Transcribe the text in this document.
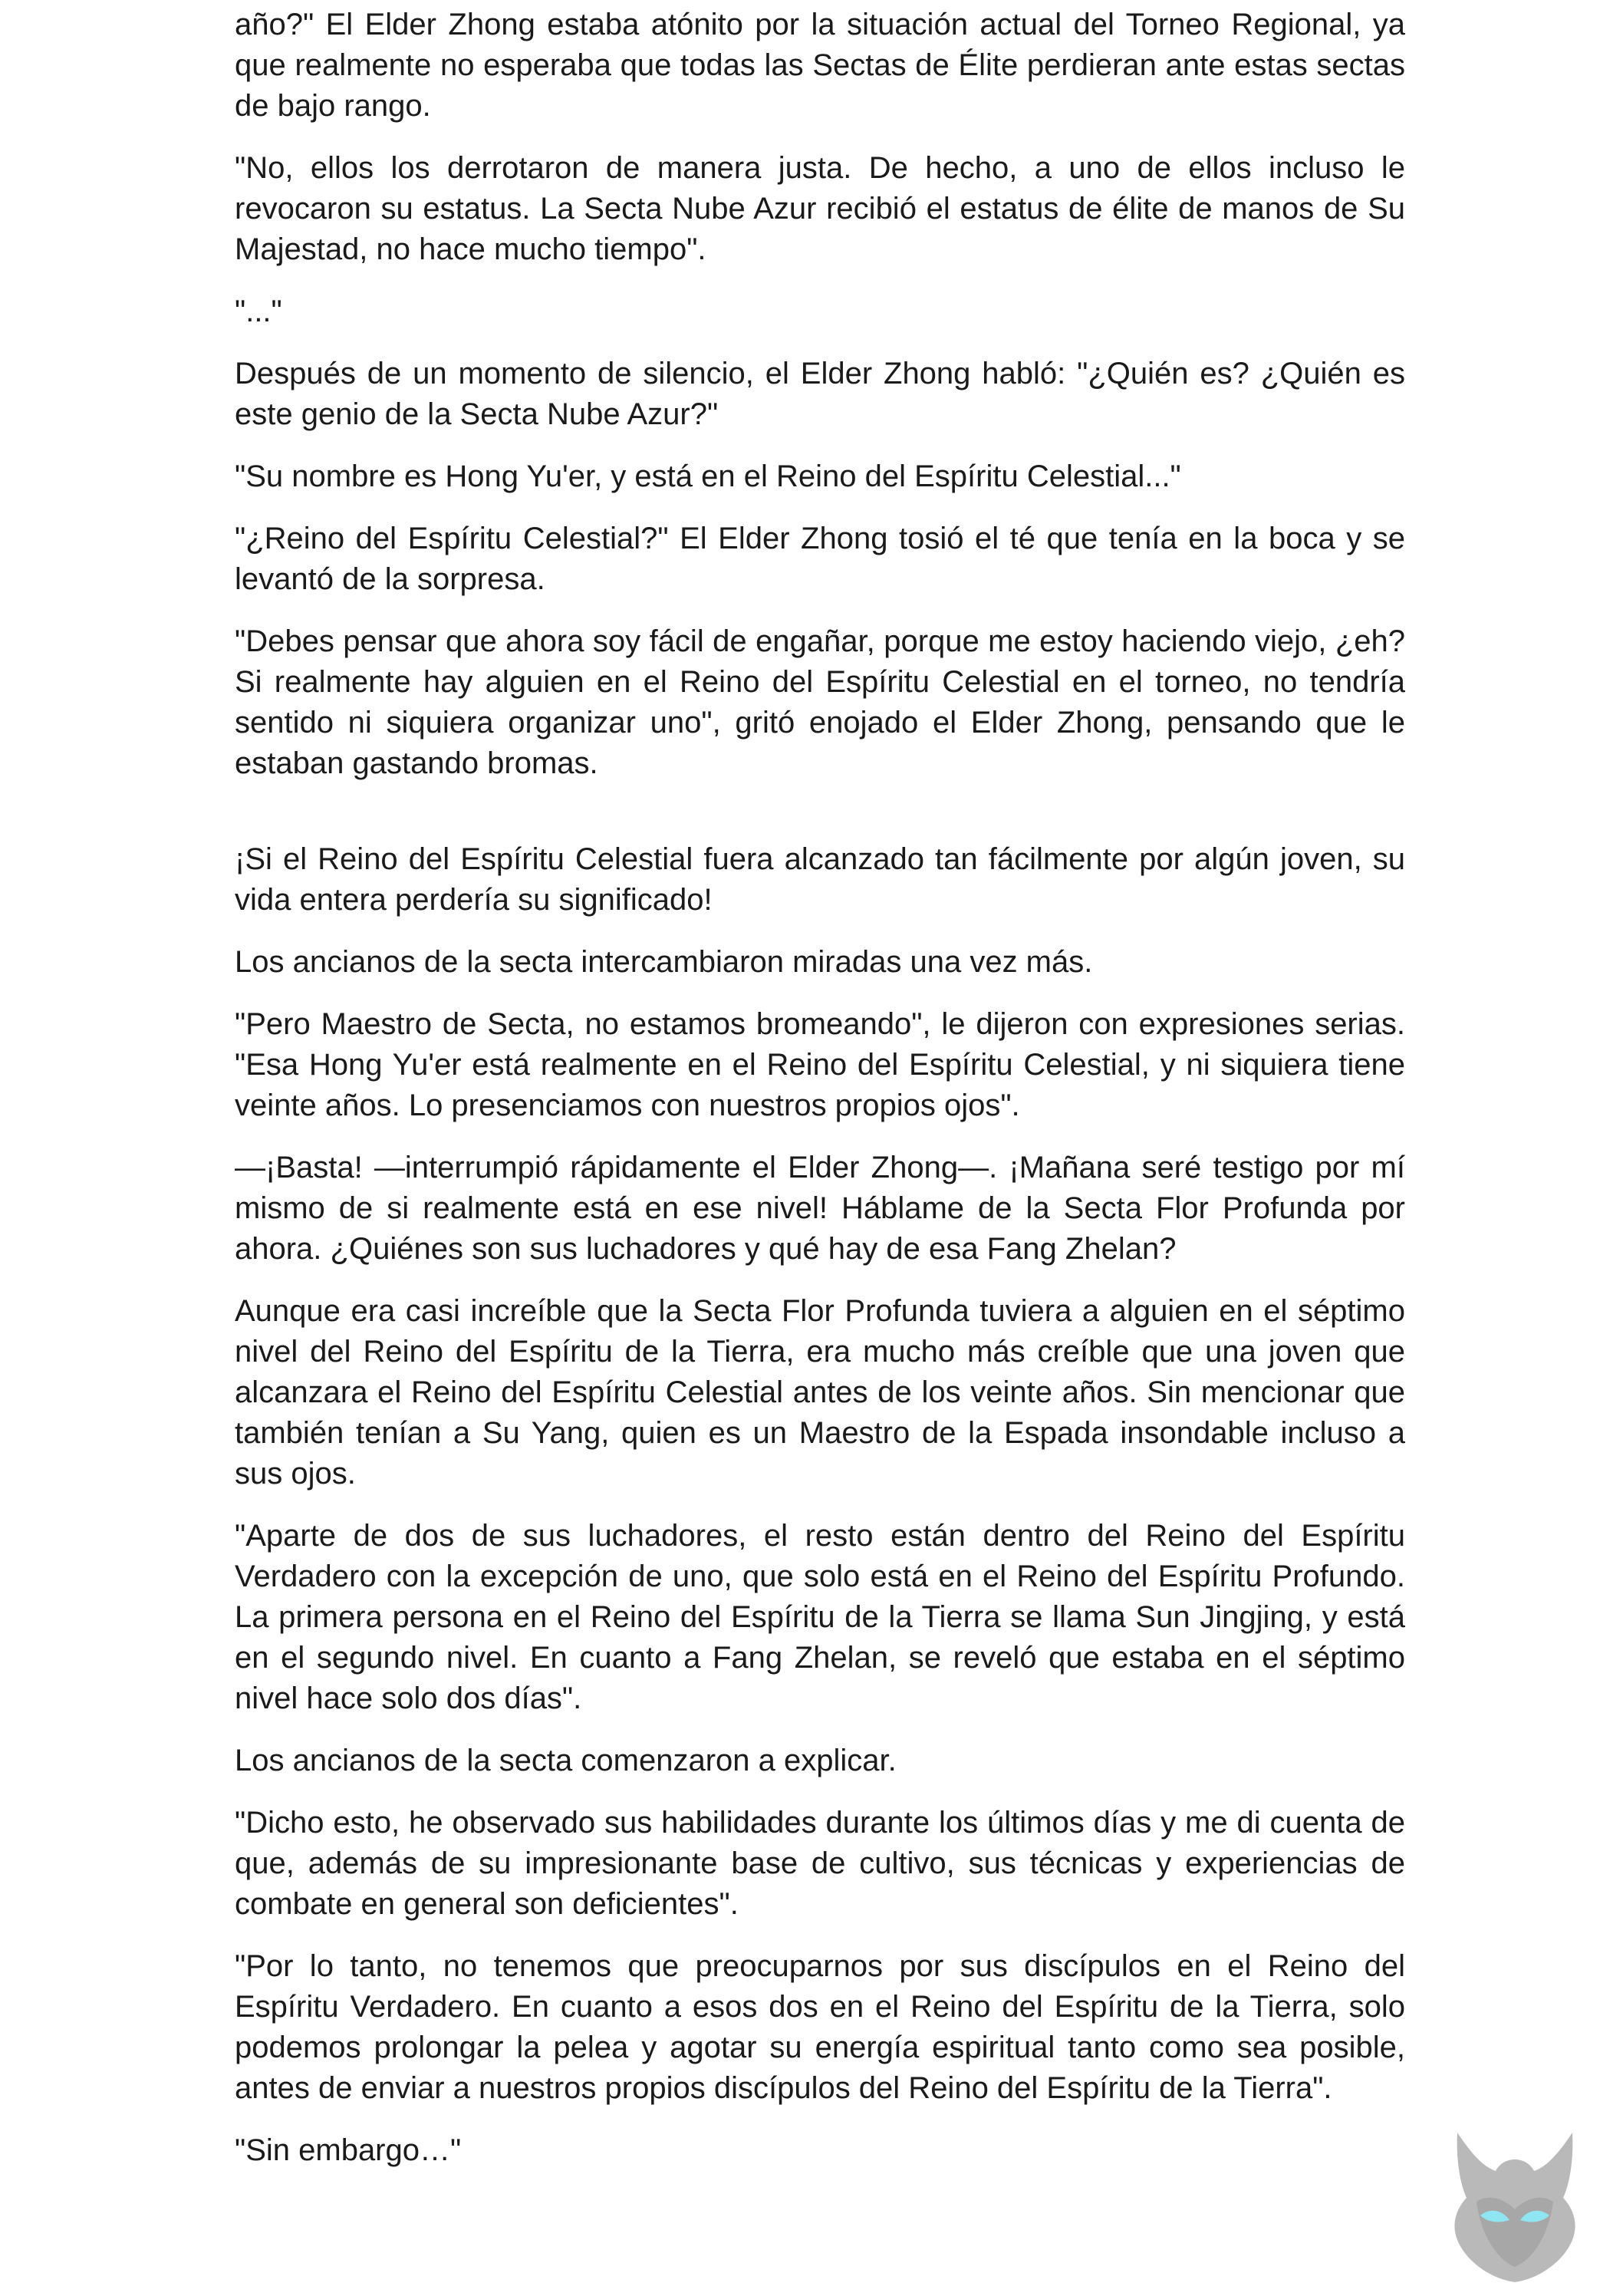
año?" El Elder Zhong estaba atónito por la situación actual del Torneo Regional, ya que realmente no esperaba que todas las Sectas de Élite perdieran ante estas sectas de bajo rango.

"No, ellos los derrotaron de manera justa. De hecho, a uno de ellos incluso le revocaron su estatus. La Secta Nube Azur recibió el estatus de élite de manos de Su Majestad, no hace mucho tiempo".

"..."

Después de un momento de silencio, el Elder Zhong habló: "¿Quién es? ¿Quién es este genio de la Secta Nube Azur?"

"Su nombre es Hong Yu'er, y está en el Reino del Espíritu Celestial..."

"¿Reino del Espíritu Celestial?" El Elder Zhong tosió el té que tenía en la boca y se levantó de la sorpresa.

"Debes pensar que ahora soy fácil de engañar, porque me estoy haciendo viejo, ¿eh? Si realmente hay alguien en el Reino del Espíritu Celestial en el torneo, no tendría sentido ni siquiera organizar uno", gritó enojado el Elder Zhong, pensando que le estaban gastando bromas.

¡Si el Reino del Espíritu Celestial fuera alcanzado tan fácilmente por algún joven, su vida entera perdería su significado!

Los ancianos de la secta intercambiaron miradas una vez más.

"Pero Maestro de Secta, no estamos bromeando", le dijeron con expresiones serias. "Esa Hong Yu'er está realmente en el Reino del Espíritu Celestial, y ni siquiera tiene veinte años. Lo presenciamos con nuestros propios ojos".

—¡Basta! —interrumpió rápidamente el Elder Zhong—. ¡Mañana seré testigo por mí mismo de si realmente está en ese nivel! Háblame de la Secta Flor Profunda por ahora. ¿Quiénes son sus luchadores y qué hay de esa Fang Zhelan?

Aunque era casi increíble que la Secta Flor Profunda tuviera a alguien en el séptimo nivel del Reino del Espíritu de la Tierra, era mucho más creíble que una joven que alcanzara el Reino del Espíritu Celestial antes de los veinte años. Sin mencionar que también tenían a Su Yang, quien es un Maestro de la Espada insondable incluso a sus ojos.

"Aparte de dos de sus luchadores, el resto están dentro del Reino del Espíritu Verdadero con la excepción de uno, que solo está en el Reino del Espíritu Profundo. La primera persona en el Reino del Espíritu de la Tierra se llama Sun Jingjing, y está en el segundo nivel. En cuanto a Fang Zhelan, se reveló que estaba en el séptimo nivel hace solo dos días".

Los ancianos de la secta comenzaron a explicar.

"Dicho esto, he observado sus habilidades durante los últimos días y me di cuenta de que, además de su impresionante base de cultivo, sus técnicas y experiencias de combate en general son deficientes".

"Por lo tanto, no tenemos que preocuparnos por sus discípulos en el Reino del Espíritu Verdadero. En cuanto a esos dos en el Reino del Espíritu de la Tierra, solo podemos prolongar la pelea y agotar su energía espiritual tanto como sea posible, antes de enviar a nuestros propios discípulos del Reino del Espíritu de la Tierra".

"Sin embargo…"
